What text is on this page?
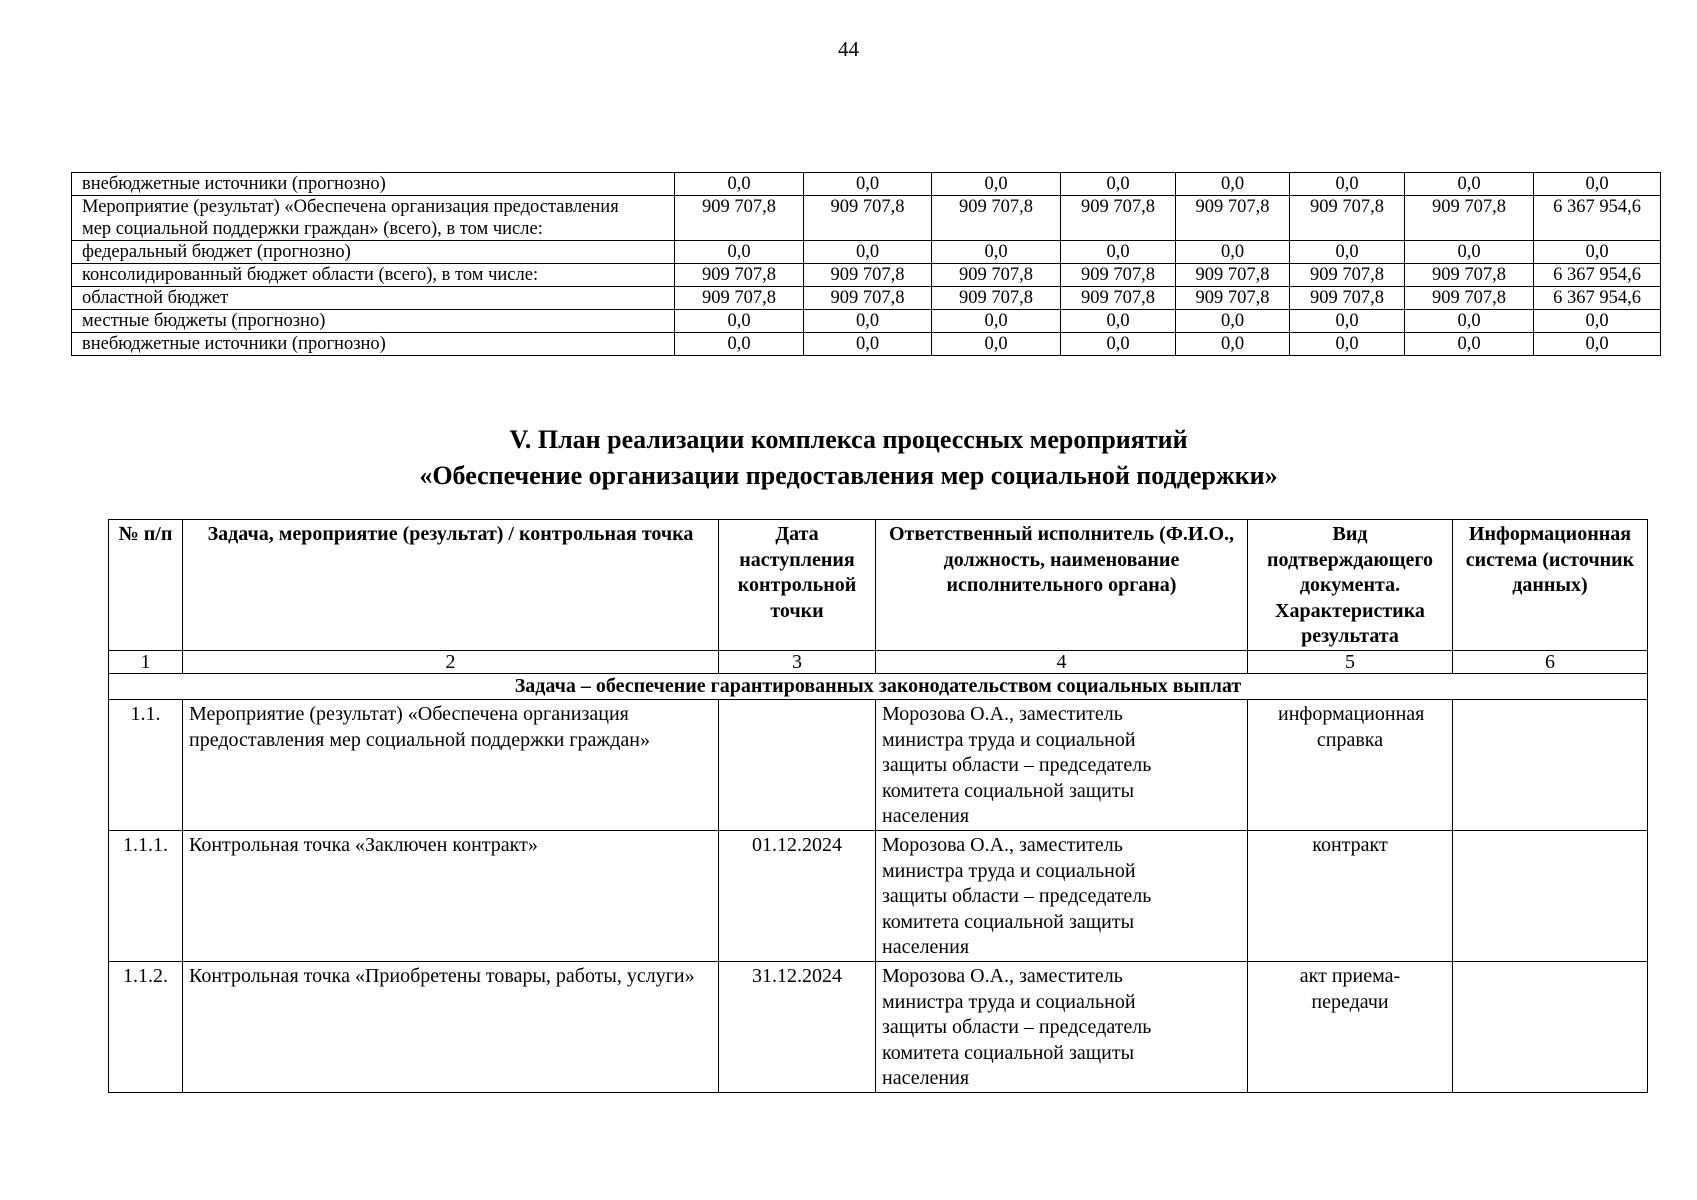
44
внебюджетные источники (прогнозно)	0,0	0,0	0,0	0,0	0,0	0,0	0,0	0,0
Мероприятие (результат) «Обеспечена организация предоставления мер социальной поддержки граждан» (всего), в том числе:	909 707,8	909 707,8	909 707,8	909 707,8	909 707,8	909 707,8	909 707,8	6 367 954,6
федеральный бюджет (прогнозно)	0,0	0,0	0,0	0,0	0,0	0,0	0,0	0,0
консолидированный бюджет области (всего), в том числе:	909 707,8	909 707,8	909 707,8	909 707,8	909 707,8	909 707,8	909 707,8	6 367 954,6
областной бюджет	909 707,8	909 707,8	909 707,8	909 707,8	909 707,8	909 707,8	909 707,8	6 367 954,6
местные бюджеты (прогнозно)	0,0	0,0	0,0	0,0	0,0	0,0	0,0	0,0
внебюджетные источники (прогнозно)	0,0	0,0	0,0	0,0	0,0	0,0	0,0	0,0
V. План реализации комплекса процессных мероприятий
«Обеспечение организации предоставления мер социальной поддержки»
№ п/п	Задача, мероприятие (результат) / контрольная точка	Дата наступления контрольной точки	Ответственный исполнитель (Ф.И.О., должность, наименование исполнительного органа)	Вид подтверждающего документа. Характеристика результата	Информационная система (источник данных)
1	2	3	4	5	6
Задача – обеспечение гарантированных законодательством социальных выплат					
1.1.	Мероприятие (результат) «Обеспечена организация предоставления мер социальной поддержки граждан»		Морозова О.А., заместитель министра труда и социальной защиты области – председатель комитета социальной защиты населения	информационная справка	
1.1.1.	Контрольная точка «Заключен контракт»	01.12.2024	Морозова О.А., заместитель министра труда и социальной защиты области – председатель комитета социальной защиты населения	контракт	
1.1.2.	Контрольная точка «Приобретены товары, работы, услуги»	31.12.2024	Морозова О.А., заместитель министра труда и социальной защиты области – председатель комитета социальной защиты населения	акт приема-передачи	
